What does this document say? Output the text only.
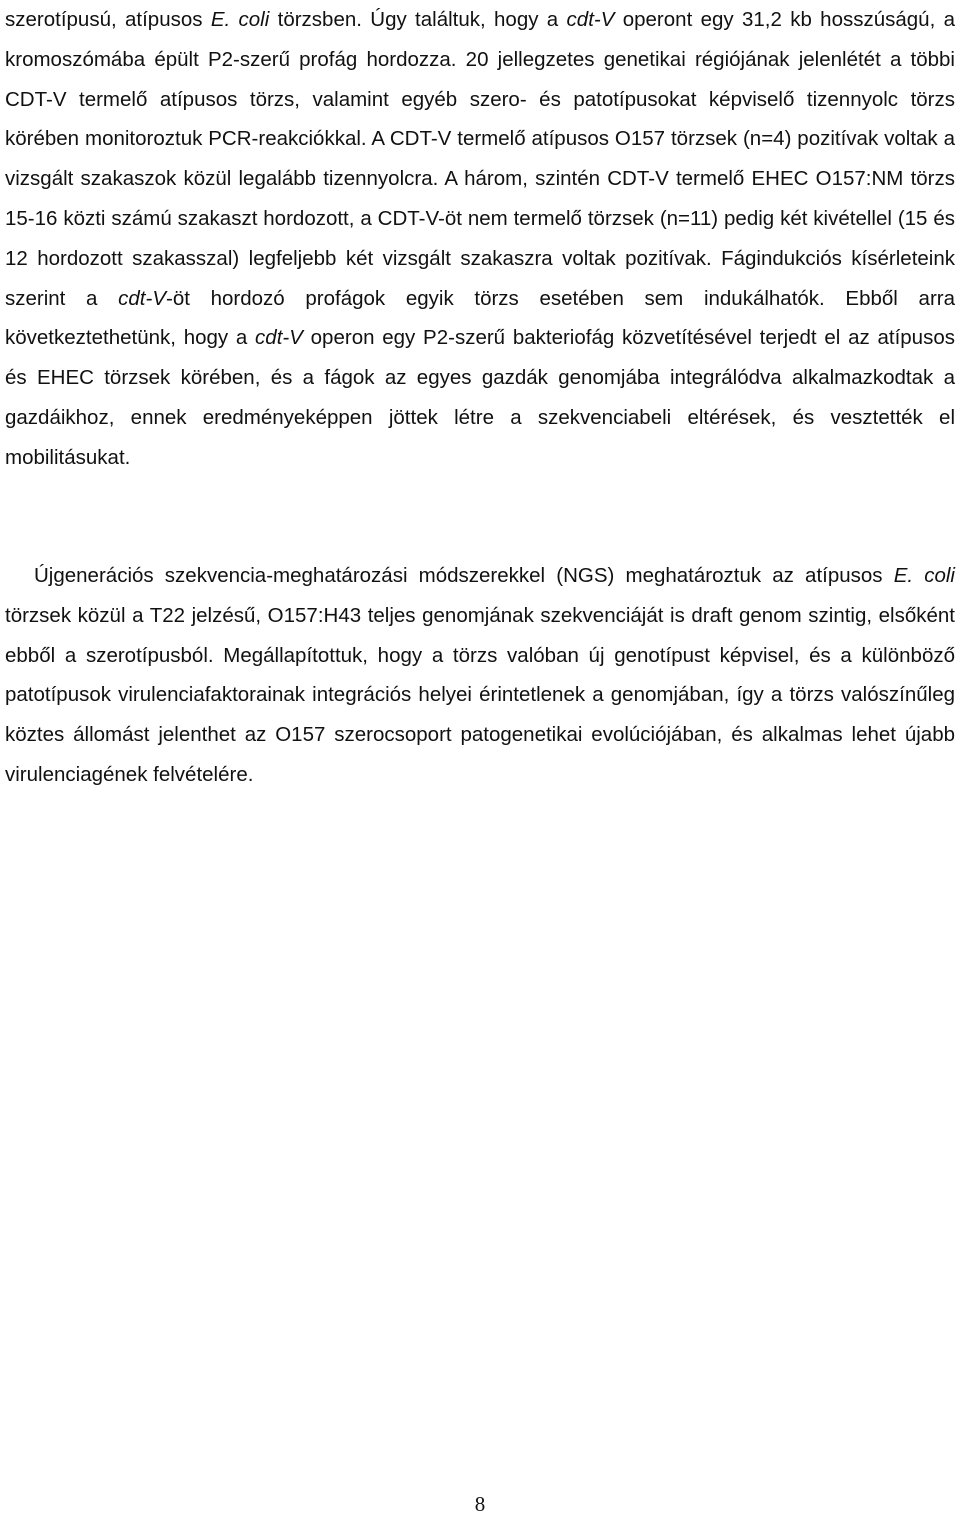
szerotípusú, atípusos E. coli törzsben. Úgy találtuk, hogy a cdt-V operont egy 31,2 kb hosszúságú, a kromoszómába épült P2-szerű profág hordozza. 20 jellegzetes genetikai régiójának jelenlétét a többi CDT-V termelő atípusos törzs, valamint egyéb szero- és patotípusokat képviselő tizennyolc törzs körében monitoroztuk PCR-reakciókkal. A CDT-V termelő atípusos O157 törzsek (n=4) pozitívak voltak a vizsgált szakaszok közül legalább tizennyolcra. A három, szintén CDT-V termelő EHEC O157:NM törzs 15-16 közti számú szakaszt hordozott, a CDT-V-öt nem termelő törzsek (n=11) pedig két kivétellel (15 és 12 hordozott szakasszal) legfeljebb két vizsgált szakaszra voltak pozitívak. Fágindukciós kísérleteink szerint a cdt-V-öt hordozó profágok egyik törzs esetében sem indukálhatók. Ebből arra következtethetünk, hogy a cdt-V operon egy P2-szerű bakteriofág közvetítésével terjedt el az atípusos és EHEC törzsek körében, és a fágok az egyes gazdák genomjába integrálódva alkalmazkodtak a gazdáikhoz, ennek eredményeképpen jöttek létre a szekvenciabeli eltérések, és vesztették el mobilitásukat.

Újgenerációs szekvencia-meghatározási módszerekkel (NGS) meghatároztuk az atípusos E. coli törzsek közül a T22 jelzésű, O157:H43 teljes genomjának szekvenciáját is draft genom szintig, elsőként ebből a szerotípusból. Megállapítottuk, hogy a törzs valóban új genotípust képvisel, és a különböző patotípusok virulenciafaktorainak integrációs helyei érintetlenek a genomjában, így a törzs valószínűleg köztes állomást jelenthet az O157 szerocsoport patogenetikai evolúciójában, és alkalmas lehet újabb virulenciagének felvételére.

8
